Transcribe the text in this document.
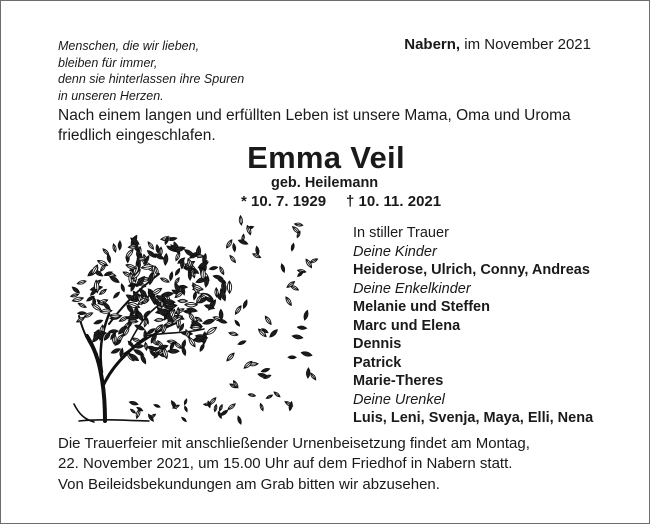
Menschen, die wir lieben,
bleiben für immer,
denn sie hinterlassen ihre Spuren
in unseren Herzen.
Nabern, im November 2021
Nach einem langen und erfüllten Leben ist unsere Mama, Oma und Uroma
friedlich eingeschlafen.
Emma Veil
geb. Heilemann
* 10. 7. 1929 † 10. 11. 2021
In stiller Trauer
Deine Kinder
Heiderose, Ulrich, Conny, Andreas
Deine Enkelkinder
Melanie und Steffen
Marc und Elena
Dennis
Patrick
Marie-Theres
Deine Urenkel
Luis, Leni, Svenja, Maya, Elli, Nena
Die Trauerfeier mit anschließender Urnenbeisetzung findet am Montag,
22. November 2021, um 15.00 Uhr auf dem Friedhof in Nabern statt.
Von Beileidsbekundungen am Grab bitten wir abzusehen.
